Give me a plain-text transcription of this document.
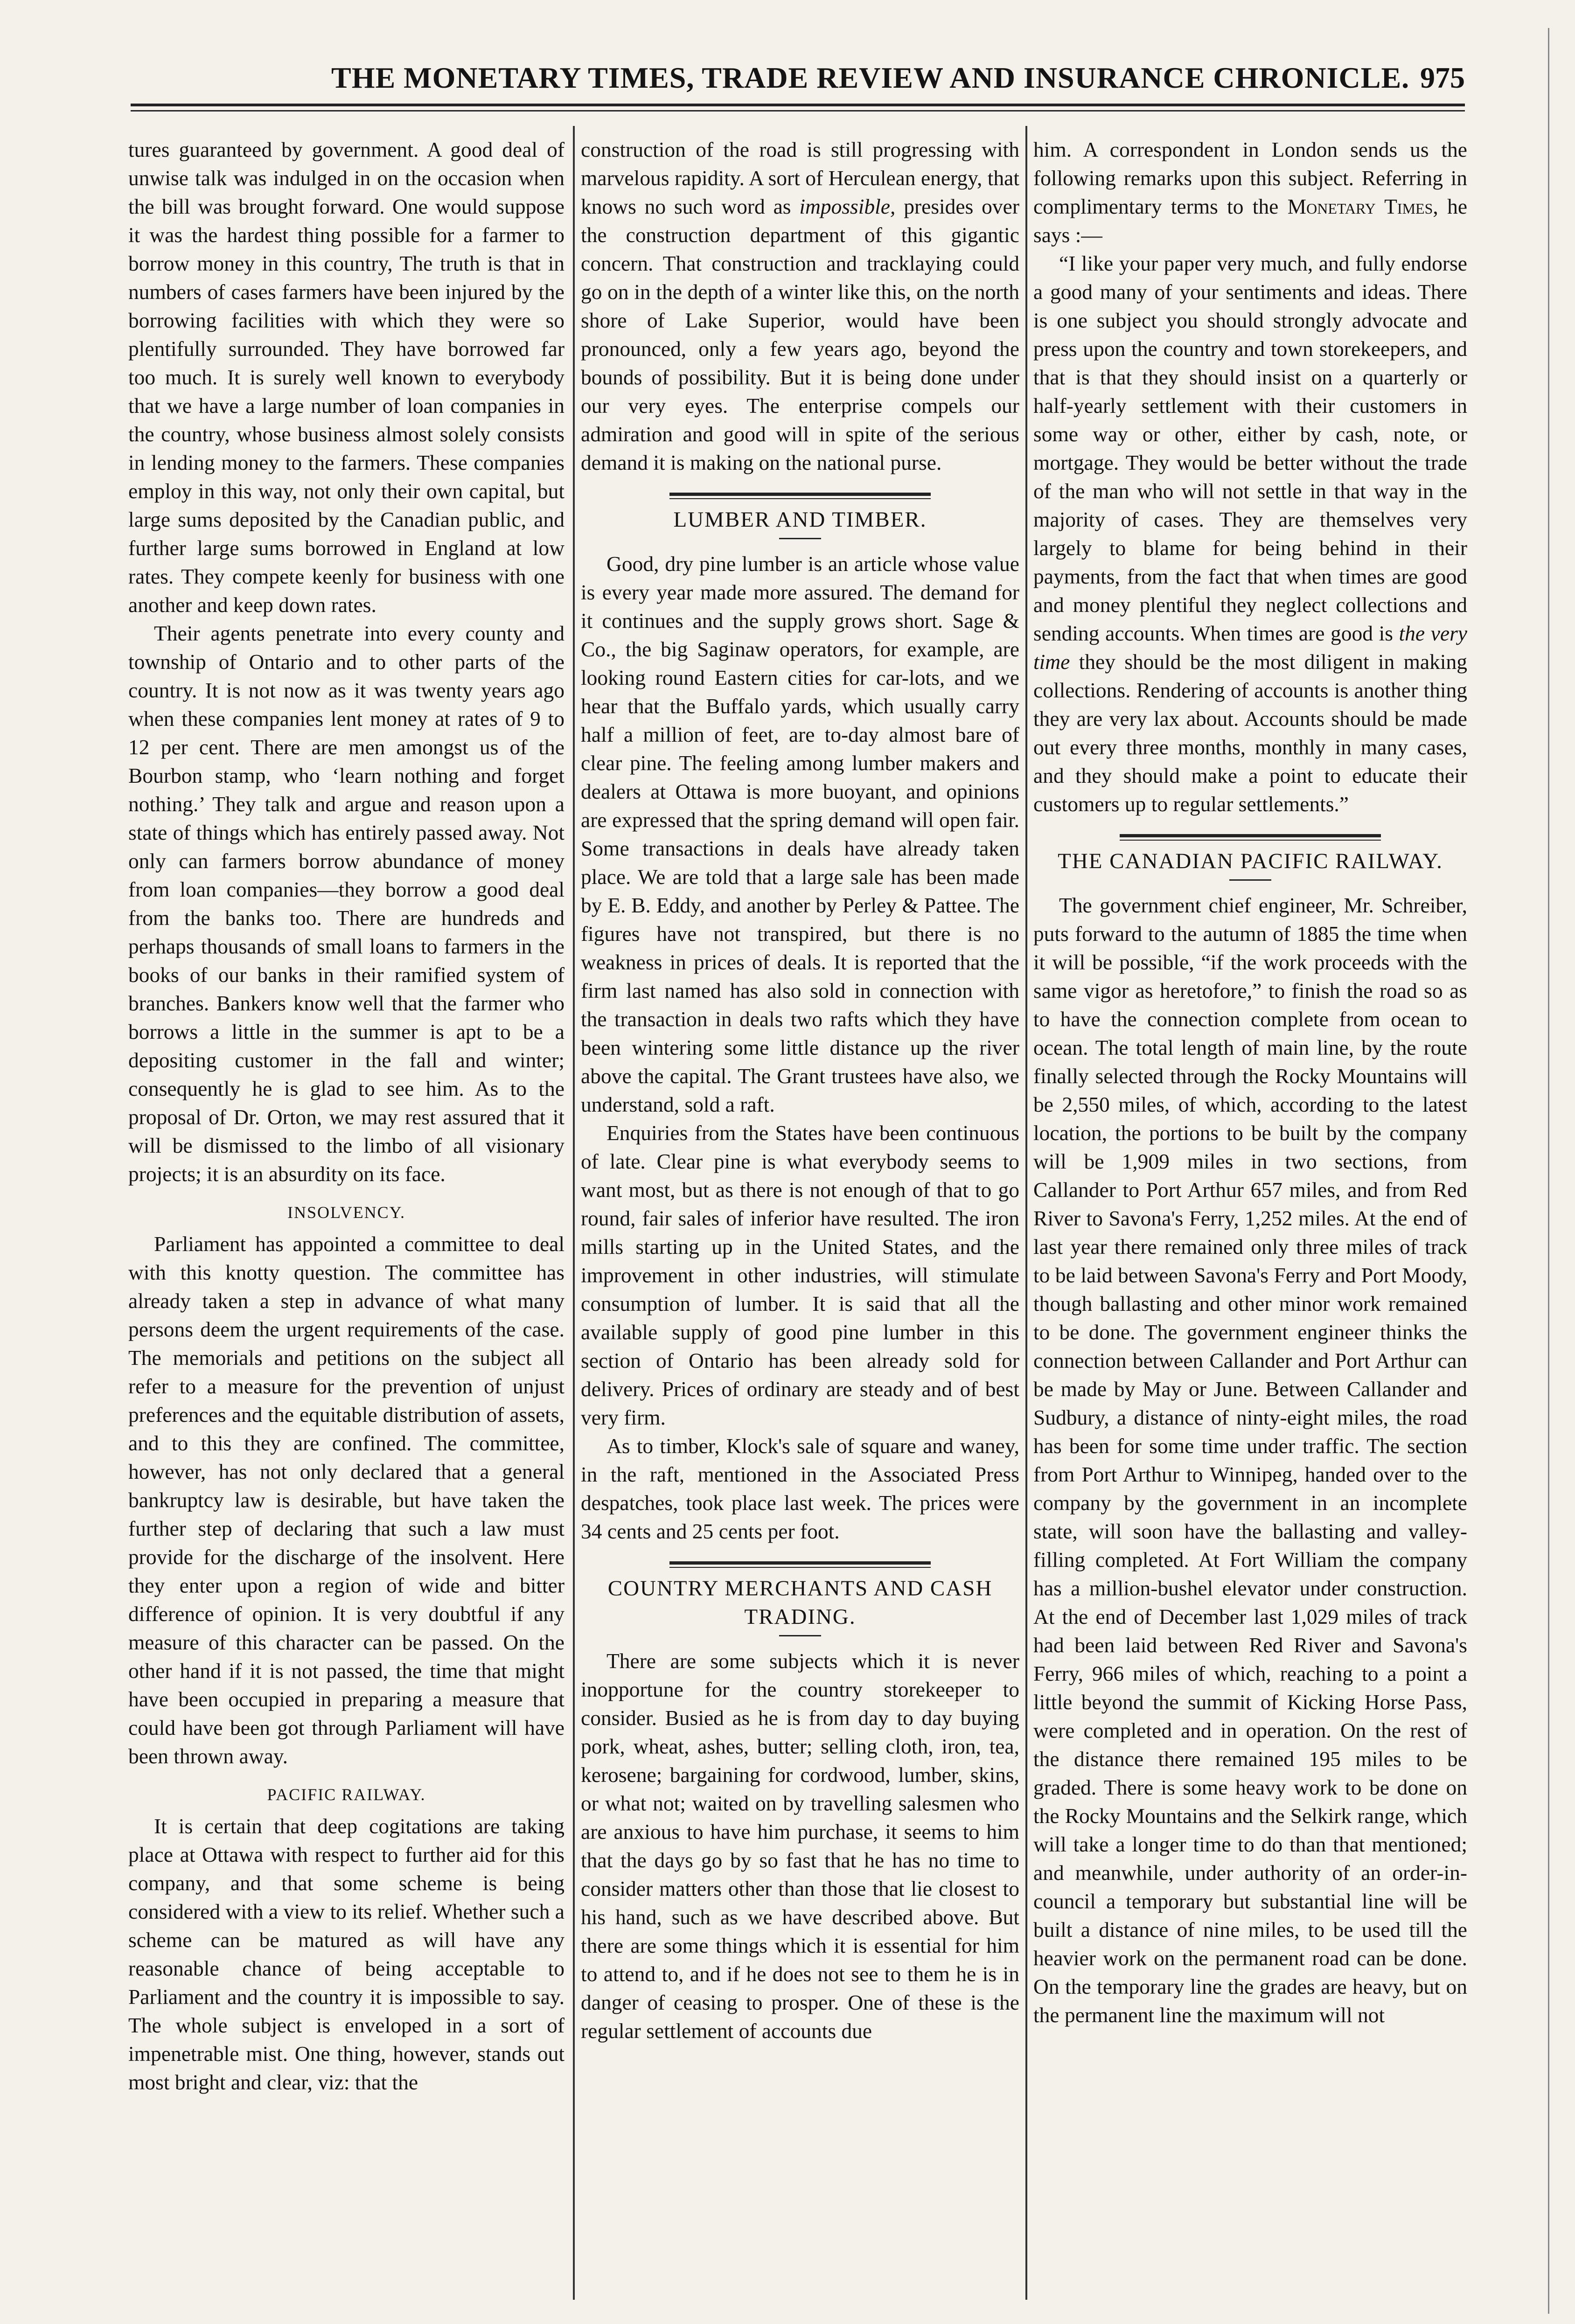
THE MONETARY TIMES, TRADE REVIEW AND INSURANCE CHRONICLE. 975

tures guaranteed by government. A good deal of unwise talk was indulged in on the occasion when the bill was brought forward. One would suppose it was the hardest thing possible for a farmer to borrow money in this country, The truth is that in numbers of cases farmers have been injured by the borrowing facilities with which they were so plentifully surrounded. They have borrowed far too much. It is surely well known to everybody that we have a large number of loan companies in the country, whose business almost solely consists in lending money to the farmers. These companies employ in this way, not only their own capital, but large sums deposited by the Canadian public, and further large sums borrowed in England at low rates. They compete keenly for business with one another and keep down rates.

Their agents penetrate into every county and township of Ontario and to other parts of the country. It is not now as it was twenty years ago when these companies lent money at rates of 9 to 12 per cent. There are men amongst us of the Bourbon stamp, who ‘learn nothing and forget nothing.’ They talk and argue and reason upon a state of things which has entirely passed away. Not only can farmers borrow abundance of money from loan companies—they borrow a good deal from the banks too. There are hundreds and perhaps thousands of small loans to farmers in the books of our banks in their ramified system of branches. Bankers know well that the farmer who borrows a little in the summer is apt to be a depositing customer in the fall and winter; consequently he is glad to see him. As to the proposal of Dr. Orton, we may rest assured that it will be dismissed to the limbo of all visionary projects; it is an absurdity on its face.

INSOLVENCY.

Parliament has appointed a committee to deal with this knotty question. The committee has already taken a step in advance of what many persons deem the urgent requirements of the case. The memorials and petitions on the subject all refer to a measure for the prevention of unjust preferences and the equitable distribution of assets, and to this they are confined. The committee, however, has not only declared that a general bankruptcy law is desirable, but have taken the further step of declaring that such a law must provide for the discharge of the insolvent. Here they enter upon a region of wide and bitter difference of opinion. It is very doubtful if any measure of this character can be passed. On the other hand if it is not passed, the time that might have been occupied in preparing a measure that could have been got through Parliament will have been thrown away.

PACIFIC RAILWAY.

It is certain that deep cogitations are taking place at Ottawa with respect to further aid for this company, and that some scheme is being considered with a view to its relief. Whether such a scheme can be matured as will have any reasonable chance of being acceptable to Parliament and the country it is impossible to say. The whole subject is enveloped in a sort of impenetrable mist. One thing, however, stands out most bright and clear, viz: that the

construction of the road is still progressing with marvelous rapidity. A sort of Herculean energy, that knows no such word as impossible, presides over the construction department of this gigantic concern. That construction and tracklaying could go on in the depth of a winter like this, on the north shore of Lake Superior, would have been pronounced, only a few years ago, beyond the bounds of possibility. But it is being done under our very eyes. The enterprise compels our admiration and good will in spite of the serious demand it is making on the national purse.

LUMBER AND TIMBER.

Good, dry pine lumber is an article whose value is every year made more assured. The demand for it continues and the supply grows short. Sage & Co., the big Saginaw operators, for example, are looking round Eastern cities for car-lots, and we hear that the Buffalo yards, which usually carry half a million of feet, are to-day almost bare of clear pine. The feeling among lumber makers and dealers at Ottawa is more buoyant, and opinions are expressed that the spring demand will open fair. Some transactions in deals have already taken place. We are told that a large sale has been made by E. B. Eddy, and another by Perley & Pattee. The figures have not transpired, but there is no weakness in prices of deals. It is reported that the firm last named has also sold in connection with the transaction in deals two rafts which they have been wintering some little distance up the river above the capital. The Grant trustees have also, we understand, sold a raft.

Enquiries from the States have been continuous of late. Clear pine is what everybody seems to want most, but as there is not enough of that to go round, fair sales of inferior have resulted. The iron mills starting up in the United States, and the improvement in other industries, will stimulate consumption of lumber. It is said that all the available supply of good pine lumber in this section of Ontario has been already sold for delivery. Prices of ordinary are steady and of best very firm.

As to timber, Klock's sale of square and waney, in the raft, mentioned in the Associated Press despatches, took place last week. The prices were 34 cents and 25 cents per foot.

COUNTRY MERCHANTS AND CASH TRADING.

There are some subjects which it is never inopportune for the country storekeeper to consider. Busied as he is from day to day buying pork, wheat, ashes, butter; selling cloth, iron, tea, kerosene; bargaining for cordwood, lumber, skins, or what not; waited on by travelling salesmen who are anxious to have him purchase, it seems to him that the days go by so fast that he has no time to consider matters other than those that lie closest to his hand, such as we have described above. But there are some things which it is essential for him to attend to, and if he does not see to them he is in danger of ceasing to prosper. One of these is the regular settlement of accounts due

him. A correspondent in London sends us the following remarks upon this subject. Referring in complimentary terms to the Monetary Times, he says :—

“I like your paper very much, and fully endorse a good many of your sentiments and ideas. There is one subject you should strongly advocate and press upon the country and town storekeepers, and that is that they should insist on a quarterly or half-yearly settlement with their customers in some way or other, either by cash, note, or mortgage. They would be better without the trade of the man who will not settle in that way in the majority of cases. They are themselves very largely to blame for being behind in their payments, from the fact that when times are good and money plentiful they neglect collections and sending accounts. When times are good is the very time they should be the most diligent in making collections. Rendering of accounts is another thing they are very lax about. Accounts should be made out every three months, monthly in many cases, and they should make a point to educate their customers up to regular settlements.”

THE CANADIAN PACIFIC RAILWAY.

The government chief engineer, Mr. Schreiber, puts forward to the autumn of 1885 the time when it will be possible, “if the work proceeds with the same vigor as heretofore,” to finish the road so as to have the connection complete from ocean to ocean. The total length of main line, by the route finally selected through the Rocky Mountains will be 2,550 miles, of which, according to the latest location, the portions to be built by the company will be 1,909 miles in two sections, from Callander to Port Arthur 657 miles, and from Red River to Savona's Ferry, 1,252 miles. At the end of last year there remained only three miles of track to be laid between Savona's Ferry and Port Moody, though ballasting and other minor work remained to be done. The government engineer thinks the connection between Callander and Port Arthur can be made by May or June. Between Callander and Sudbury, a distance of ninty-eight miles, the road has been for some time under traffic. The section from Port Arthur to Winnipeg, handed over to the company by the government in an incomplete state, will soon have the ballasting and valley-filling completed. At Fort William the company has a million-bushel elevator under construction. At the end of December last 1,029 miles of track had been laid between Red River and Savona's Ferry, 966 miles of which, reaching to a point a little beyond the summit of Kicking Horse Pass, were completed and in operation. On the rest of the distance there remained 195 miles to be graded. There is some heavy work to be done on the Rocky Mountains and the Selkirk range, which will take a longer time to do than that mentioned; and meanwhile, under authority of an order-in-council a temporary but substantial line will be built a distance of nine miles, to be used till the heavier work on the permanent road can be done. On the temporary line the grades are heavy, but on the permanent line the maximum will not
